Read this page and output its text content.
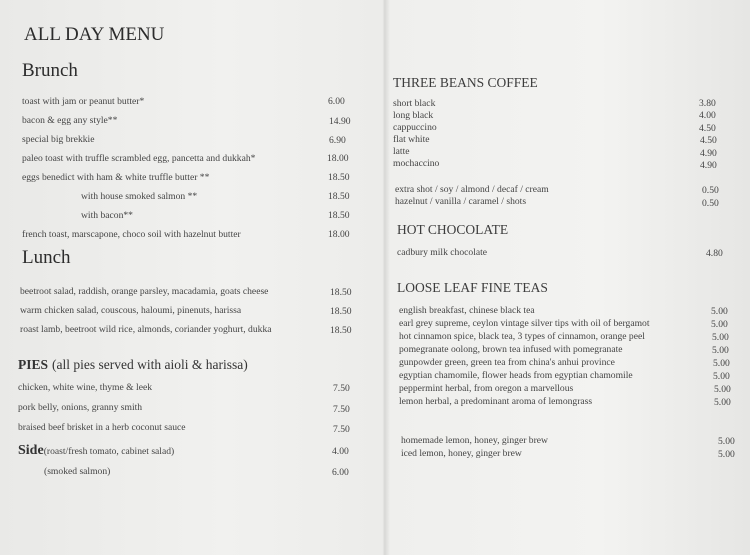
ALL DAY MENU
Brunch
toast with jam or peanut butter*	6.00
bacon & egg any style**	14.90
special big brekkie	6.90
paleo toast with truffle scrambled egg, pancetta and dukkah*	18.00
eggs benedict with ham & white truffle butter **	18.50
with house smoked salmon **	18.50
with bacon**	18.50
french toast, marscapone, choco soil with hazelnut butter	18.00
Lunch
beetroot salad, raddish, orange parsley, macadamia, goats cheese	18.50
warm chicken salad, couscous, haloumi, pinenuts, harissa	18.50
roast lamb, beetroot wild rice, almonds, coriander yoghurt, dukka	18.50
PIES (all pies served with aioli & harissa)
chicken, white wine, thyme & leek	7.50
pork belly, onions, granny smith	7.50
braised beef brisket in a herb coconut sauce	7.50
Side(roast/fresh tomato, cabinet salad)	4.00
(smoked salmon)	6.00
THREE BEANS COFFEE
short black	3.80
long black	4.00
cappuccino	4.50
flat white	4.50
latte	4.90
mochaccino	4.90
extra shot / soy / almond / decaf / cream	0.50
hazelnut / vanilla / caramel / shots	0.50
HOT CHOCOLATE
cadbury milk chocolate	4.80
LOOSE LEAF FINE TEAS
english breakfast, chinese black tea	5.00
earl grey supreme, ceylon vintage silver tips with oil of bergamot	5.00
hot cinnamon spice, black tea, 3 types of cinnamon, orange peel	5.00
pomegranate oolong, brown tea infused with pomegranate	5.00
gunpowder green, green tea from china's anhui province	5.00
egyptian chamomile, flower heads from egyptian chamomile	5.00
peppermint herbal, from oregon a marvellous	5.00
lemon herbal, a predominant aroma of lemongrass	5.00
homemade lemon, honey, ginger brew	5.00
iced lemon, honey, ginger brew	5.00
